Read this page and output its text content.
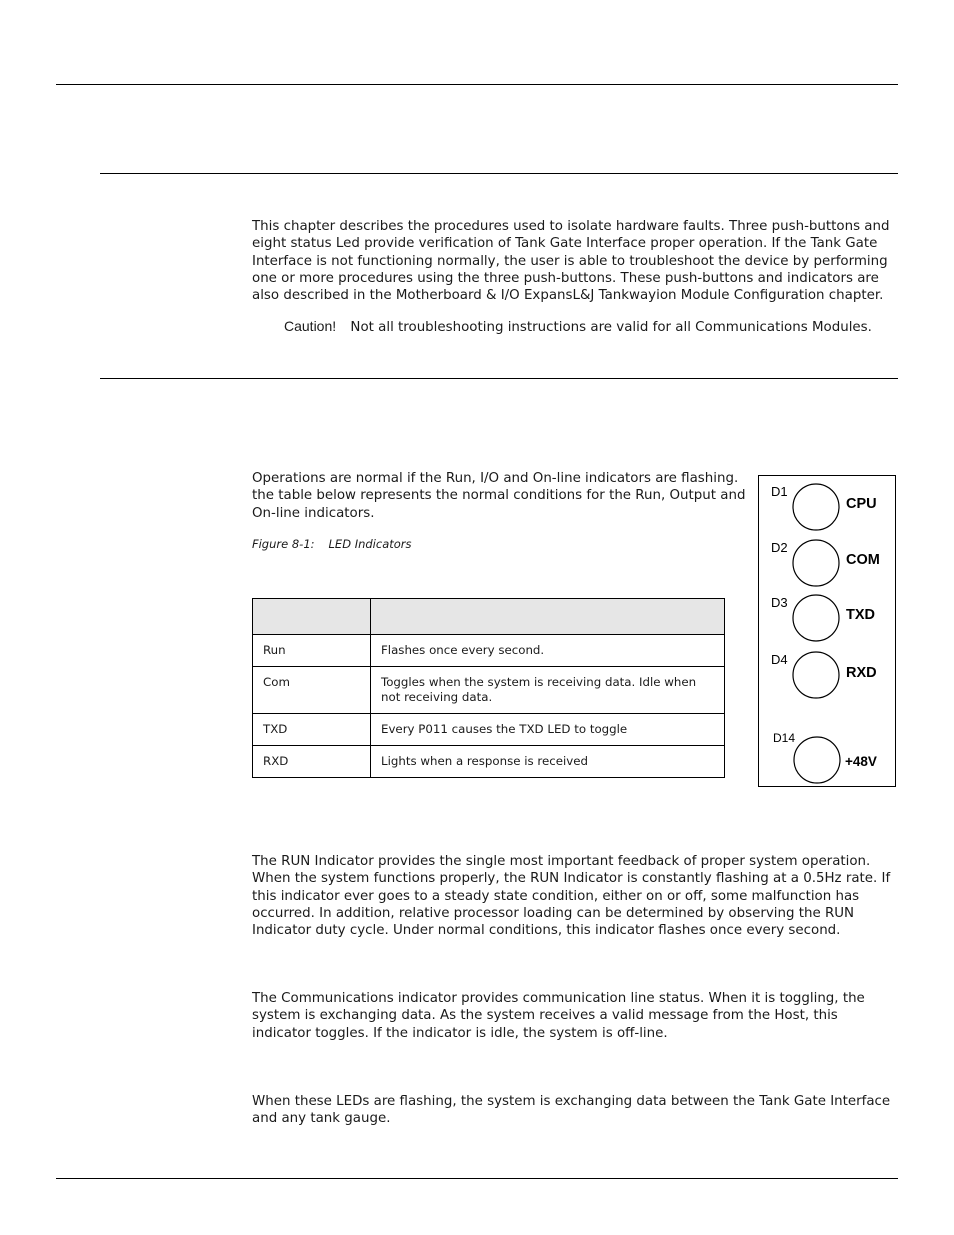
This chapter describes the procedures used to isolate hardware faults. Three push-buttons and eight status Led provide verification of Tank Gate Interface proper operation. If the Tank Gate Interface is not functioning normally, the user is able to troubleshoot the device by performing one or more procedures using the three push-buttons. These push-buttons and indicators are also described in the Motherboard & I/O ExpansL&J Tankwayion Module Configuration chapter.

Caution! Not all troubleshooting instructions are valid for all Communications Modules.

Operations are normal if the Run, I/O and On-line indicators are flashing. the table below represents the normal conditions for the Run, Output and On-line indicators.

Figure 8-1: LED Indicators

Run	Flashes once every second.
Com	Toggles when the system is receiving data. Idle when not receiving data.
TXD	Every P011 causes the TXD LED to toggle
RXD	Lights when a response is received
D1
CPU
D2
COM
D3
TXD
D4
RXD
D14
+48V

The RUN Indicator provides the single most important feedback of proper system operation. When the system functions properly, the RUN Indicator is constantly flashing at a 0.5Hz rate. If this indicator ever goes to a steady state condition, either on or off, some malfunction has occurred. In addition, relative processor loading can be determined by observing the RUN Indicator duty cycle. Under normal conditions, this indicator flashes once every second.

The Communications indicator provides communication line status. When it is toggling, the system is exchanging data. As the system receives a valid message from the Host, this indicator toggles. If the indicator is idle, the system is off-line.

When these LEDs are flashing, the system is exchanging data between the Tank Gate Interface and any tank gauge.
